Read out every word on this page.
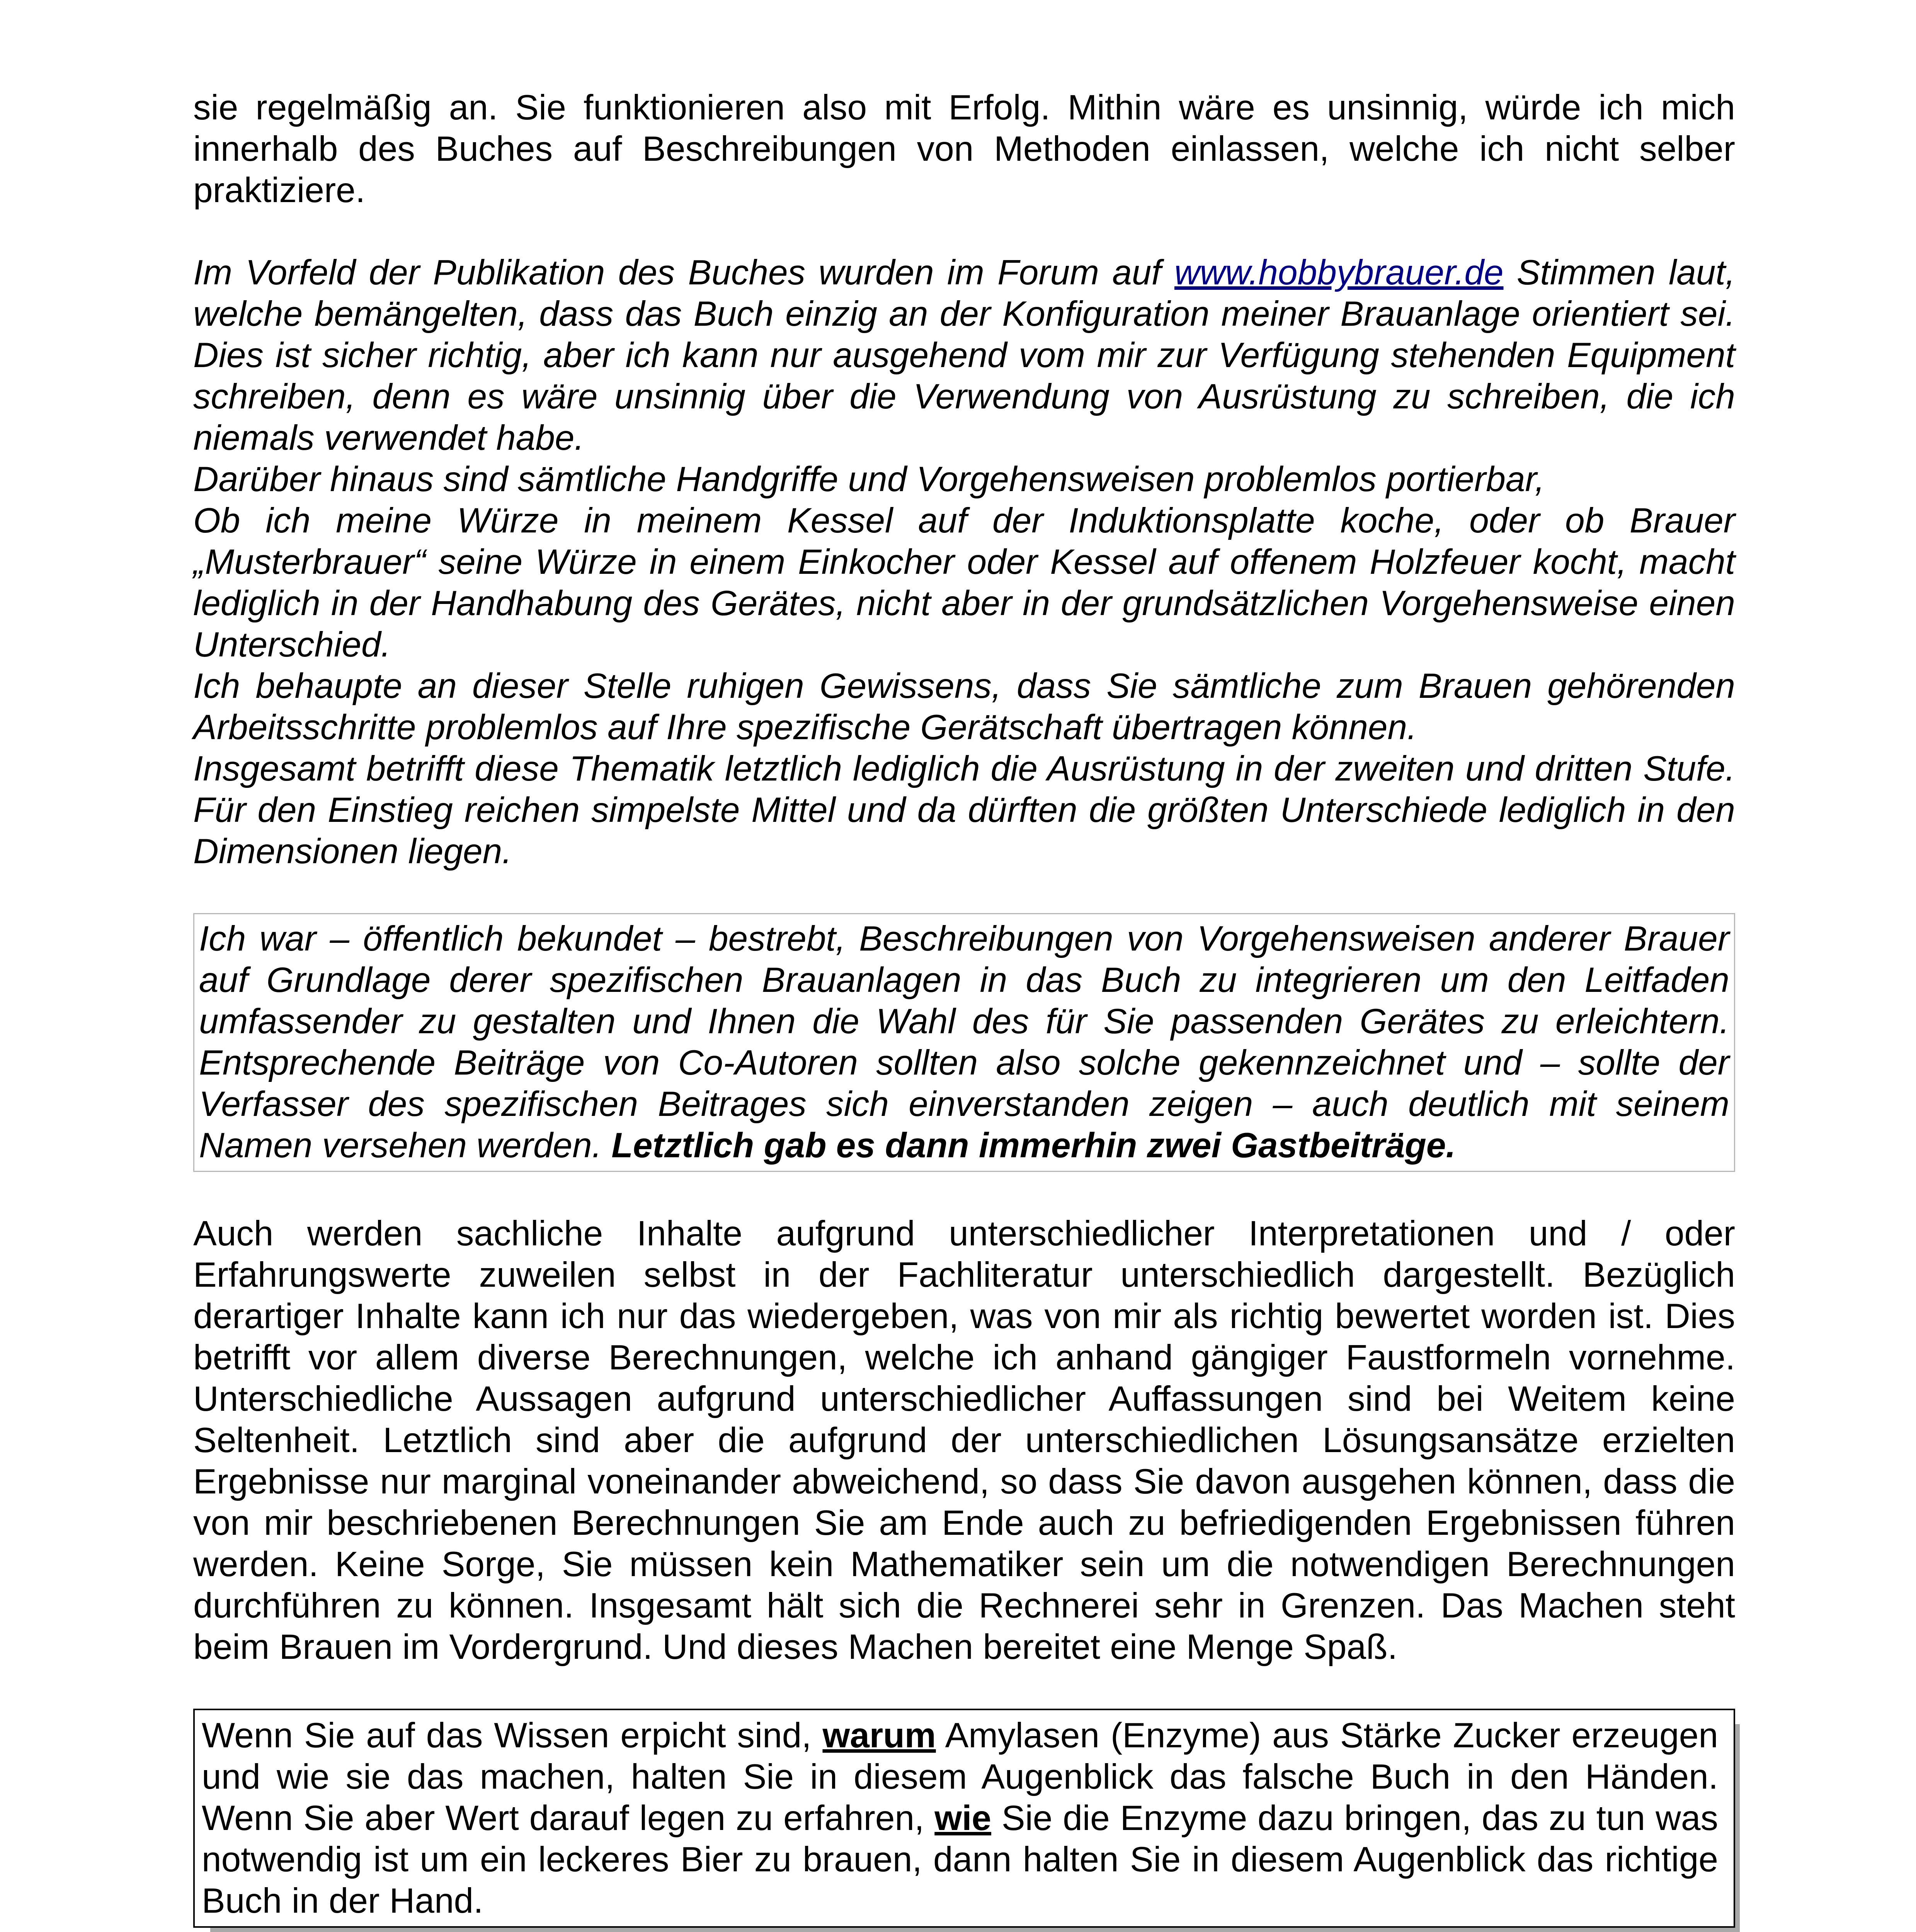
sie regelmäßig an. Sie funktionieren also mit Erfolg. Mithin wäre es unsinnig, würde ich mich innerhalb des Buches auf Beschreibungen von Methoden einlassen, welche ich nicht selber praktiziere.

Im Vorfeld der Publikation des Buches wurden im Forum auf www.hobbybrauer.de Stimmen laut, welche bemängelten, dass das Buch einzig an der Konfiguration meiner Brauanlage orientiert sei. Dies ist sicher richtig, aber ich kann nur ausgehend vom mir zur Verfügung stehenden Equipment schreiben, denn es wäre unsinnig über die Verwendung von Ausrüstung zu schreiben, die ich niemals verwendet habe.

Darüber hinaus sind sämtliche Handgriffe und Vorgehensweisen problemlos portierbar,

Ob ich meine Würze in meinem Kessel auf der Induktionsplatte koche, oder ob Brauer „Musterbrauer“ seine Würze in einem Einkocher oder Kessel auf offenem Holzfeuer kocht, macht lediglich in der Handhabung des Gerätes, nicht aber in der grundsätzlichen Vorgehensweise einen Unterschied.

Ich behaupte an dieser Stelle ruhigen Gewissens, dass Sie sämtliche zum Brauen gehörenden Arbeitsschritte problemlos auf Ihre spezifische Gerätschaft übertragen können.

Insgesamt betrifft diese Thematik letztlich lediglich die Ausrüstung in der zweiten und dritten Stufe. Für den Einstieg reichen simpelste Mittel und da dürften die größten Unterschiede lediglich in den Dimensionen liegen.

Ich war – öffentlich bekundet – bestrebt, Beschreibungen von Vorgehensweisen anderer Brauer auf Grundlage derer spezifischen Brauanlagen in das Buch zu integrieren um den Leitfaden umfassender zu gestalten und Ihnen die Wahl des für Sie passenden Gerätes zu erleichtern. Entsprechende Beiträge von Co-Autoren sollten also solche gekennzeichnet und – sollte der Verfasser des spezifischen Beitrages sich einverstanden zeigen – auch deutlich mit seinem Namen versehen werden. Letztlich gab es dann immerhin zwei Gastbeiträge.

Auch werden sachliche Inhalte aufgrund unterschiedlicher Interpretationen und / oder Erfahrungswerte zuweilen selbst in der Fachliteratur unterschiedlich dargestellt. Bezüglich derartiger Inhalte kann ich nur das wiedergeben, was von mir als richtig bewertet worden ist. Dies betrifft vor allem diverse Berechnungen, welche ich anhand gängiger Faustformeln vornehme. Unterschiedliche Aussagen aufgrund unterschiedlicher Auffassungen sind bei Weitem keine Seltenheit. Letztlich sind aber die aufgrund der unterschiedlichen Lösungsansätze erzielten Ergebnisse nur marginal voneinander abweichend, so dass Sie davon ausgehen können, dass die von mir beschriebenen Berechnungen Sie am Ende auch zu befriedigenden Ergebnissen führen werden. Keine Sorge, Sie müssen kein Mathematiker sein um die notwendigen Berechnungen durchführen zu können. Insgesamt hält sich die Rechnerei sehr in Grenzen. Das Machen steht beim Brauen im Vordergrund. Und dieses Machen bereitet eine Menge Spaß.

Wenn Sie auf das Wissen erpicht sind, warum Amylasen (Enzyme) aus Stärke Zucker erzeugen und wie sie das machen, halten Sie in diesem Augenblick das falsche Buch in den Händen. Wenn Sie aber Wert darauf legen zu erfahren, wie Sie die Enzyme dazu bringen, das zu tun was notwendig ist um ein leckeres Bier zu brauen, dann halten Sie in diesem Augenblick das richtige Buch in der Hand.
